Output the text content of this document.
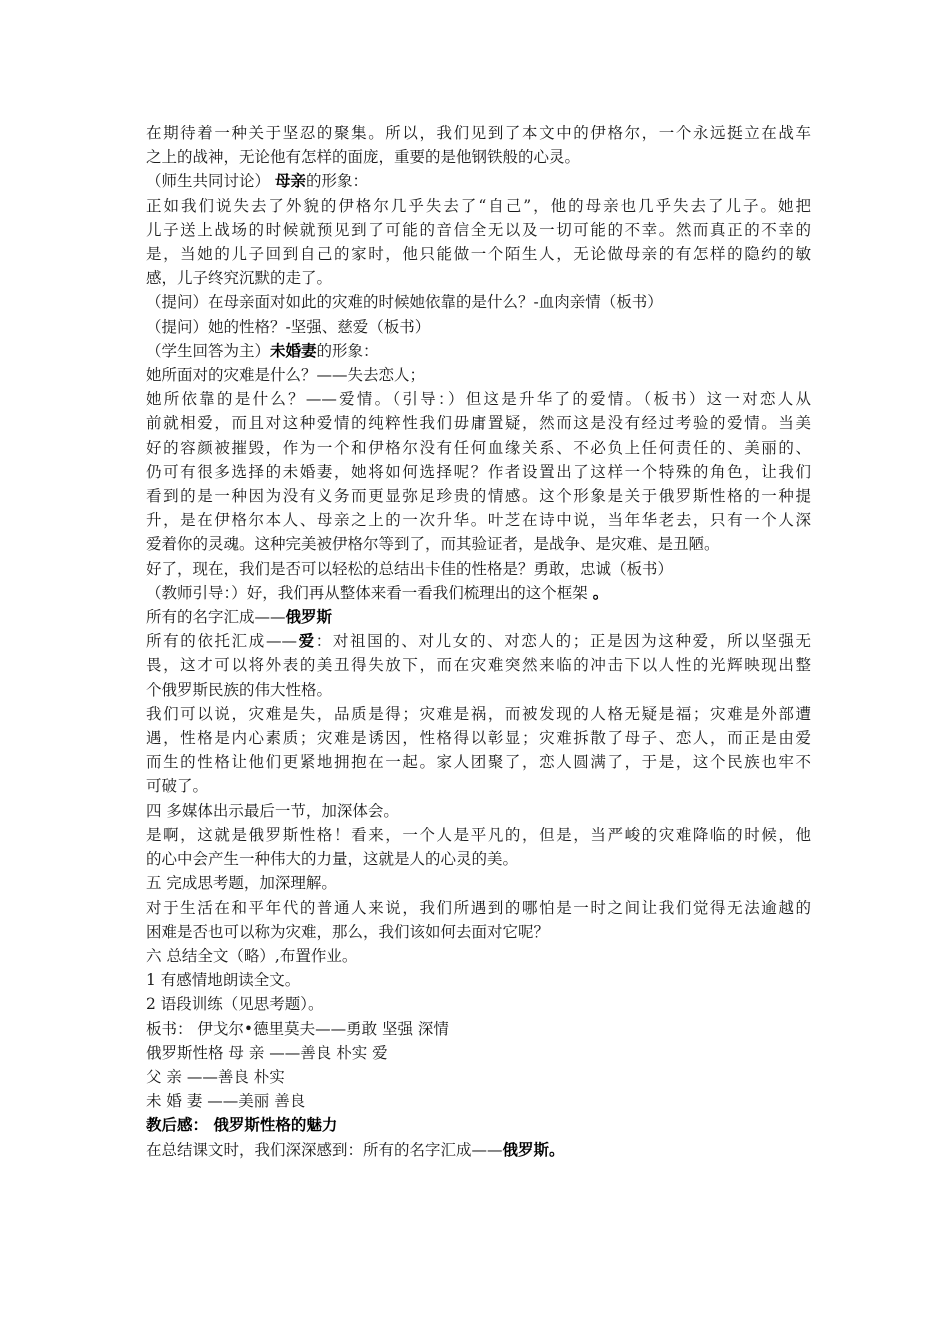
在期待着一种关于坚忍的聚集。所以，我们见到了本文中的伊格尔，一个永远挺立在战车
之上的战神，无论他有怎样的面庞，重要的是他钢铁般的心灵。
（师生共同讨论） 母亲的形象：
正如我们说失去了外貌的伊格尔几乎失去了“自己”，他的母亲也几乎失去了儿子。她把
儿子送上战场的时候就预见到了可能的音信全无以及一切可能的不幸。然而真正的不幸的
是，当她的儿子回到自己的家时，他只能做一个陌生人，无论做母亲的有怎样的隐约的敏
感，儿子终究沉默的走了。
（提问）在母亲面对如此的灾难的时候她依靠的是什么？-血肉亲情（板书）
（提问）她的性格？-坚强、慈爱（板书）
（学生回答为主）未婚妻的形象：
她所面对的灾难是什么？——失去恋人；
她所依靠的是什么？——爱情。（引导：）但这是升华了的爱情。（板书）这一对恋人从
前就相爱，而且对这种爱情的纯粹性我们毋庸置疑，然而这是没有经过考验的爱情。当美
好的容颜被摧毁，作为一个和伊格尔没有任何血缘关系、不必负上任何责任的、美丽的、
仍可有很多选择的未婚妻，她将如何选择呢？作者设置出了这样一个特殊的角色，让我们
看到的是一种因为没有义务而更显弥足珍贵的情感。这个形象是关于俄罗斯性格的一种提
升，是在伊格尔本人、母亲之上的一次升华。叶芝在诗中说，当年华老去，只有一个人深
爱着你的灵魂。这种完美被伊格尔等到了，而其验证者，是战争、是灾难、是丑陋。
好了，现在，我们是否可以轻松的总结出卡佳的性格是？勇敢，忠诚（板书）
（教师引导：）好，我们再从整体来看一看我们梳理出的这个框架 。
所有的名字汇成——俄罗斯
所有的依托汇成——爱：对祖国的、对儿女的、对恋人的；正是因为这种爱，所以坚强无
畏，这才可以将外表的美丑得失放下，而在灾难突然来临的冲击下以人性的光辉映现出整
个俄罗斯民族的伟大性格。
我们可以说，灾难是失，品质是得；灾难是祸，而被发现的人格无疑是福；灾难是外部遭
遇，性格是内心素质；灾难是诱因，性格得以彰显；灾难拆散了母子、恋人，而正是由爱
而生的性格让他们更紧地拥抱在一起。家人团聚了，恋人圆满了，于是，这个民族也牢不
可破了。
四 多媒体出示最后一节，加深体会。
是啊，这就是俄罗斯性格！看来，一个人是平凡的，但是，当严峻的灾难降临的时候，他
的心中会产生一种伟大的力量，这就是人的心灵的美。
五 完成思考题，加深理解。
对于生活在和平年代的普通人来说，我们所遇到的哪怕是一时之间让我们觉得无法逾越的
困难是否也可以称为灾难，那么，我们该如何去面对它呢？
六 总结全文（略）,布置作业。
1 有感情地朗读全文。
2 语段训练（见思考题）。
板书： 伊戈尔•德里莫夫——勇敢 坚强 深情
俄罗斯性格 母 亲 ——善良 朴实 爱
父 亲 ——善良 朴实
未 婚 妻 ——美丽 善良
教后感： 俄罗斯性格的魅力
在总结课文时，我们深深感到：所有的名字汇成——俄罗斯。
